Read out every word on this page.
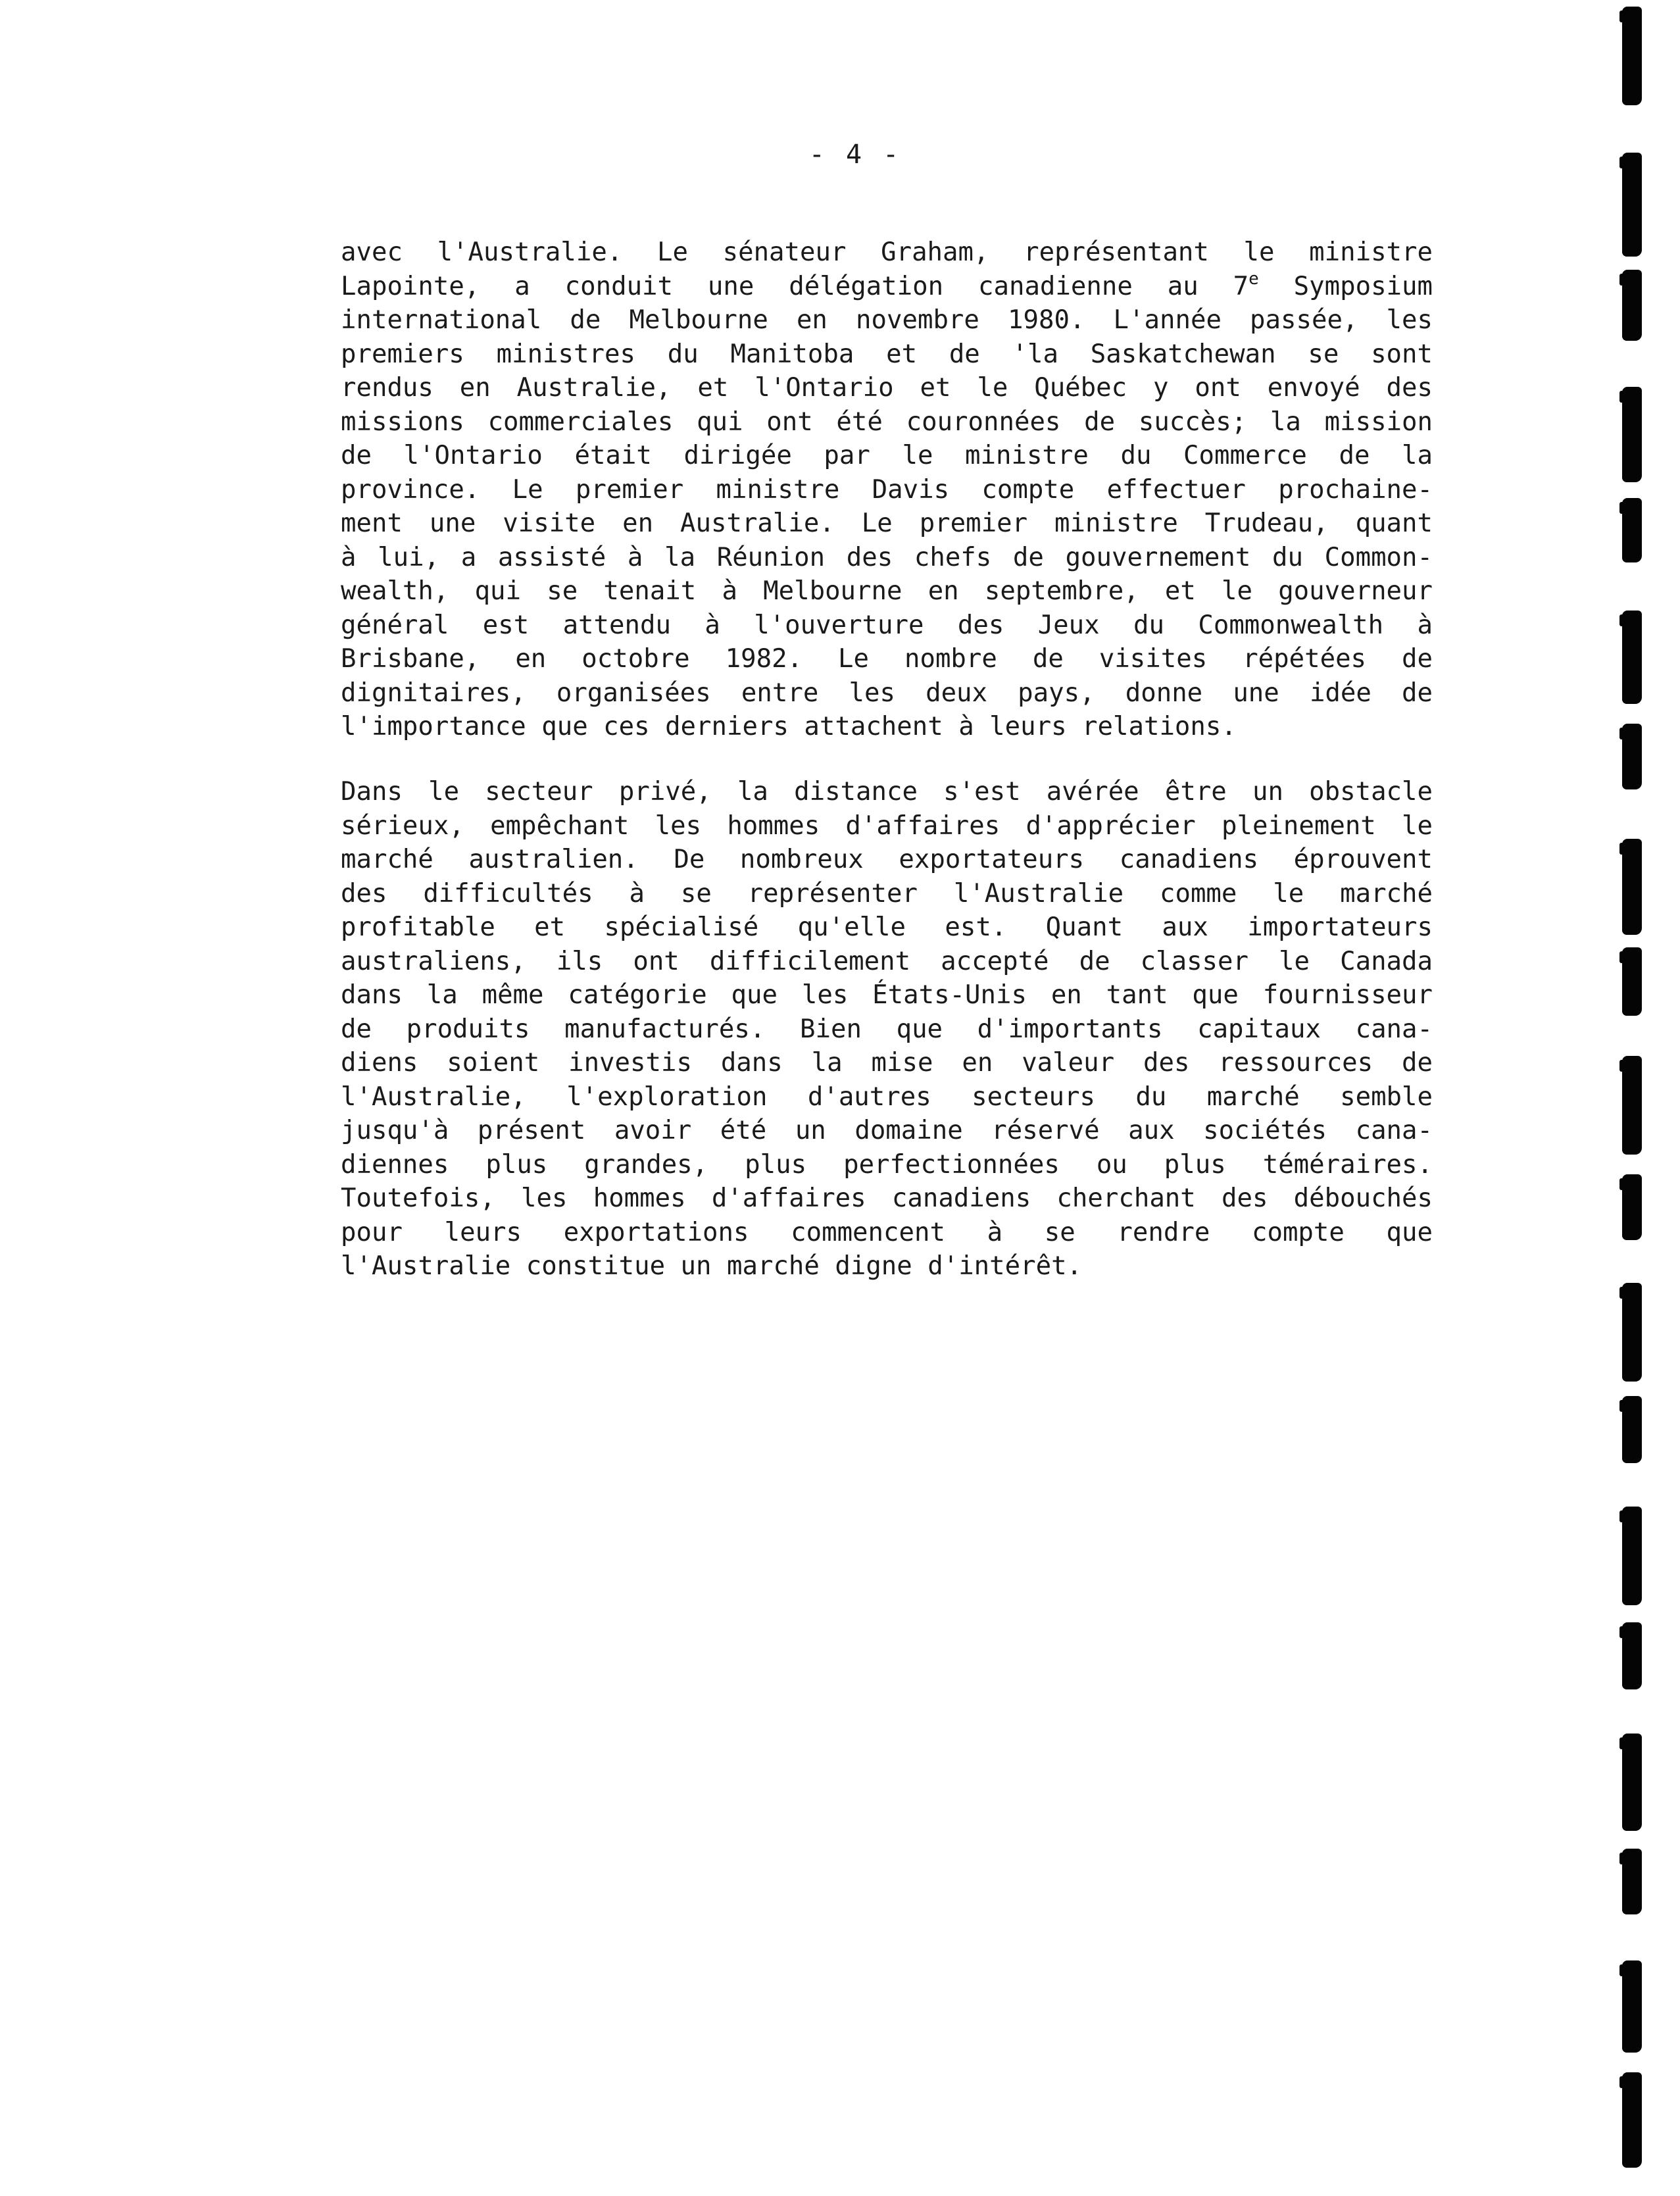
- 4 -
avec l'Australie. Le sénateur Graham, représentant le ministre
Lapointe, a conduit une délégation canadienne au 7e Symposium
international de Melbourne en novembre 1980. L'année passée, les
premiers ministres du Manitoba et de 'la Saskatchewan se sont
rendus en Australie, et l'Ontario et le Québec y ont envoyé des
missions commerciales qui ont été couronnées de succès; la mission
de l'Ontario était dirigée par le ministre du Commerce de la
province. Le premier ministre Davis compte effectuer prochaine-
ment une visite en Australie. Le premier ministre Trudeau, quant
à lui, a assisté à la Réunion des chefs de gouvernement du Common-
wealth, qui se tenait à Melbourne en septembre, et le gouverneur
général est attendu à l'ouverture des Jeux du Commonwealth à
Brisbane, en octobre 1982. Le nombre de visites répétées de
dignitaires, organisées entre les deux pays, donne une idée de
l'importance que ces derniers attachent à leurs relations.
Dans le secteur privé, la distance s'est avérée être un obstacle
sérieux, empêchant les hommes d'affaires d'apprécier pleinement le
marché australien. De nombreux exportateurs canadiens éprouvent
des difficultés à se représenter l'Australie comme le marché
profitable et spécialisé qu'elle est. Quant aux importateurs
australiens, ils ont difficilement accepté de classer le Canada
dans la même catégorie que les États-Unis en tant que fournisseur
de produits manufacturés. Bien que d'importants capitaux cana-
diens soient investis dans la mise en valeur des ressources de
l'Australie, l'exploration d'autres secteurs du marché semble
jusqu'à présent avoir été un domaine réservé aux sociétés cana-
diennes plus grandes, plus perfectionnées ou plus téméraires.
Toutefois, les hommes d'affaires canadiens cherchant des débouchés
pour leurs exportations commencent à se rendre compte que
l'Australie constitue un marché digne d'intérêt.
